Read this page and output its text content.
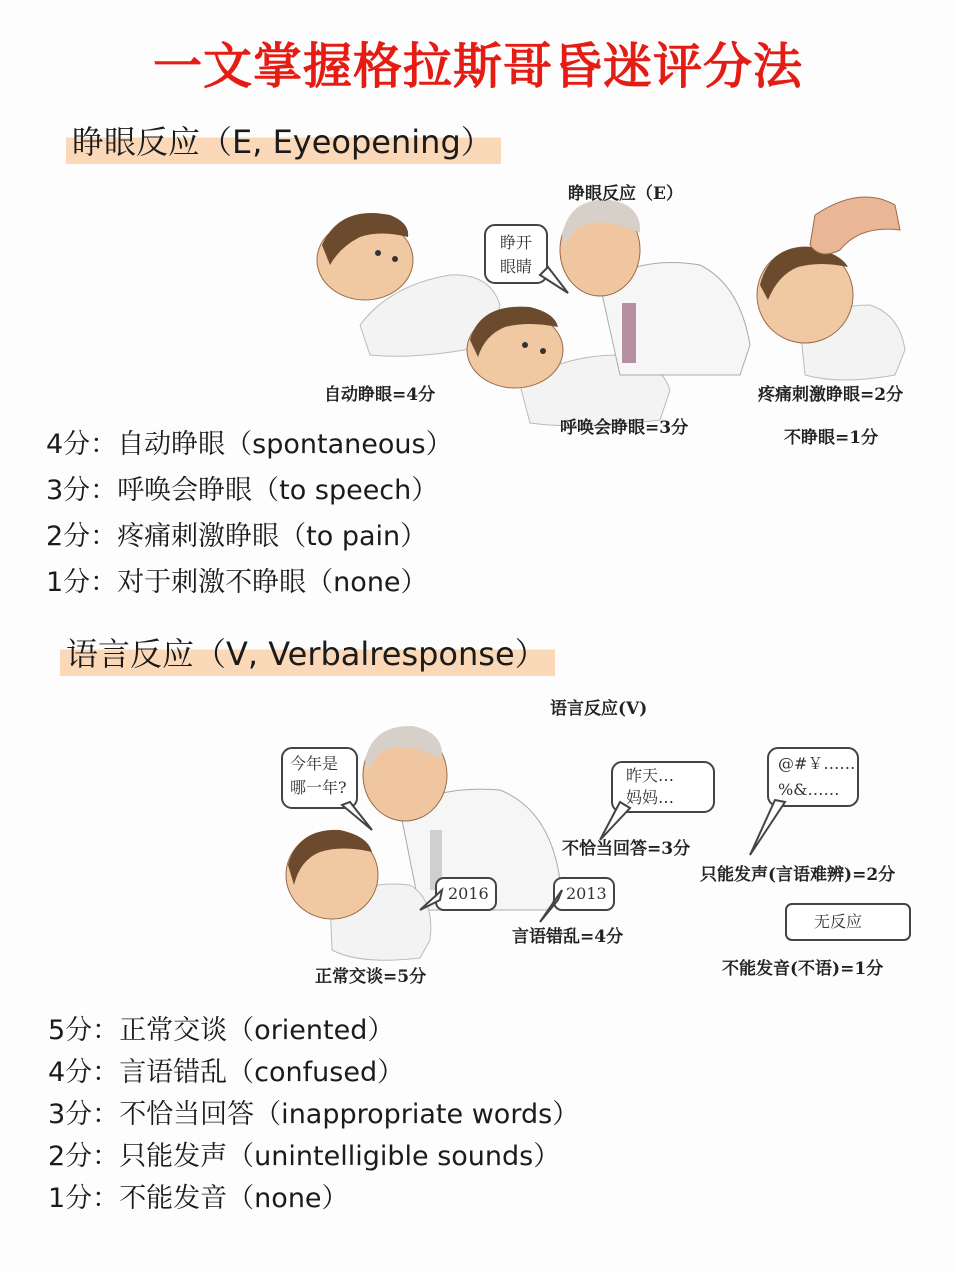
一文掌握格拉斯哥昏迷评分法
睁眼反应（E, Eyeopening）
睁眼反应（E）
睁开
眼睛
自动睁眼=4分
呼唤会睁眼=3分
疼痛刺激睁眼=2分
不睁眼=1分
4分：自动睁眼（spontaneous）
3分：呼唤会睁眼（to speech）
2分：疼痛刺激睁眼（to pain）
1分：对于刺激不睁眼（none）
语言反应（V, Verbalresponse）
语言反应(V)
今年是
哪一年?
2016	2013
昨天…
妈妈…
@#￥……
%&……
无反应
正常交谈=5分
言语错乱=4分
不恰当回答=3分
只能发声(言语难辨)=2分
不能发音(不语)=1分
5分：正常交谈（oriented）
4分：言语错乱（confused）
3分：不恰当回答（inappropriate words）
2分：只能发声（unintelligible sounds）
1分：不能发音（none）
